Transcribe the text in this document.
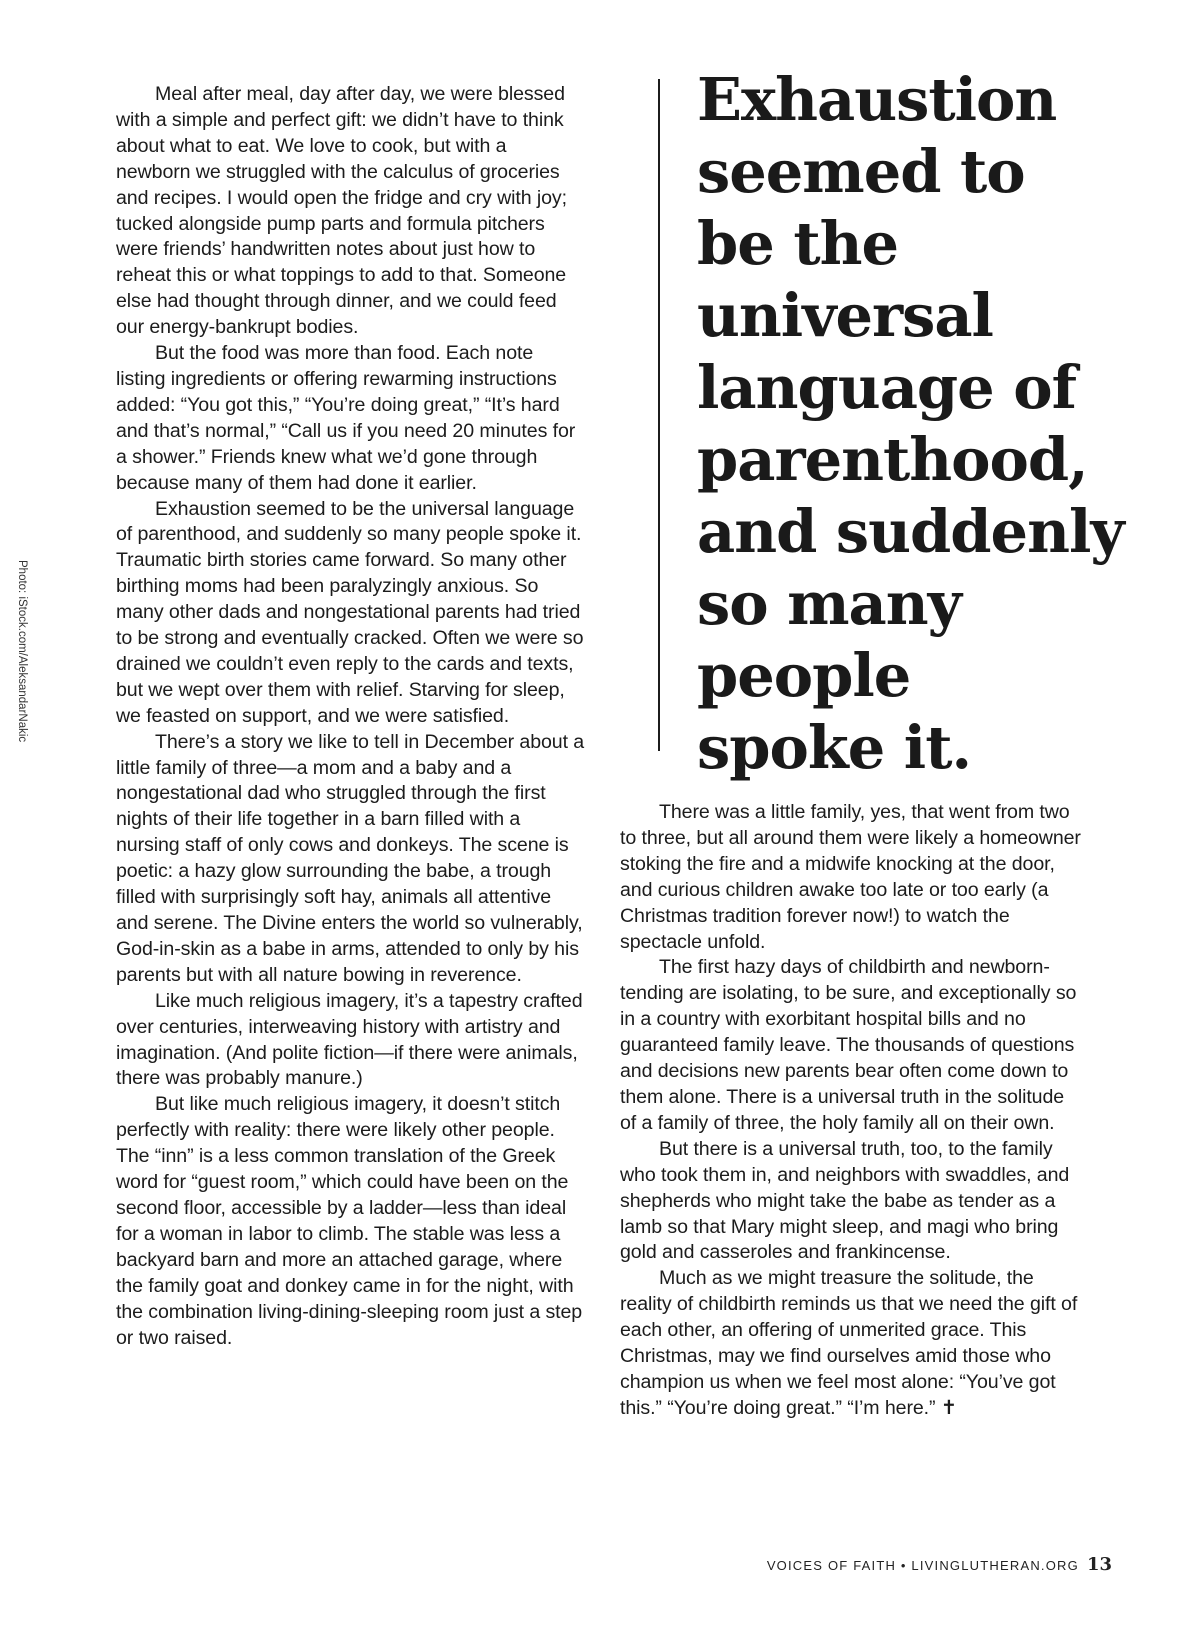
Meal after meal, day after day, we were blessed with a simple and perfect gift: we didn’t have to think about what to eat. We love to cook, but with a newborn we struggled with the calculus of groceries and recipes. I would open the fridge and cry with joy; tucked alongside pump parts and formula pitchers were friends’ handwritten notes about just how to reheat this or what toppings to add to that. Someone else had thought through dinner, and we could feed our energy-bankrupt bodies.

But the food was more than food. Each note listing ingredients or offering rewarming instructions added: “You got this,” “You’re doing great,” “It’s hard and that’s normal,” “Call us if you need 20 minutes for a shower.” Friends knew what we’d gone through because many of them had done it earlier.

Exhaustion seemed to be the universal language of parenthood, and suddenly so many people spoke it. Traumatic birth stories came forward. So many other birthing moms had been paralyzingly anxious. So many other dads and nongestational parents had tried to be strong and eventually cracked. Often we were so drained we couldn’t even reply to the cards and texts, but we wept over them with relief. Starving for sleep, we feasted on support, and we were satisfied.

There’s a story we like to tell in December about a little family of three—a mom and a baby and a nongestational dad who struggled through the first nights of their life together in a barn filled with a nursing staff of only cows and donkeys. The scene is poetic: a hazy glow surrounding the babe, a trough filled with surprisingly soft hay, animals all attentive and serene. The Divine enters the world so vulnerably, God-in-skin as a babe in arms, attended to only by his parents but with all nature bowing in reverence.

Like much religious imagery, it’s a tapestry crafted over centuries, interweaving history with artistry and imagination. (And polite fiction—if there were animals, there was probably manure.)

But like much religious imagery, it doesn’t stitch perfectly with reality: there were likely other people. The “inn” is a less common translation of the Greek word for “guest room,” which could have been on the second floor, accessible by a ladder—less than ideal for a woman in labor to climb. The stable was less a backyard barn and more an attached garage, where the family goat and donkey came in for the night, with the combination living-dining-sleeping room just a step or two raised.

Exhaustion
seemed to
be the
universal
language of
parenthood,
and suddenly
so many
people
spoke it.

There was a little family, yes, that went from two to three, but all around them were likely a homeowner stoking the fire and a midwife knocking at the door, and curious children awake too late or too early (a Christmas tradition forever now!) to watch the spectacle unfold.

The first hazy days of childbirth and newborn-tending are isolating, to be sure, and exceptionally so in a country with exorbitant hospital bills and no guaranteed family leave. The thousands of questions and decisions new parents bear often come down to them alone. There is a universal truth in the solitude of a family of three, the holy family all on their own.

But there is a universal truth, too, to the family who took them in, and neighbors with swaddles, and shepherds who might take the babe as tender as a lamb so that Mary might sleep, and magi who bring gold and casseroles and frankincense.

Much as we might treasure the solitude, the reality of childbirth reminds us that we need the gift of each other, an offering of unmerited grace. This Christmas, may we find ourselves amid those who champion us when we feel most alone: “You’ve got this.” “You’re doing great.” “I’m here.” ✝

Photo: iStock.com/AleksandarNakic
VOICES OF FAITH • LIVINGLUTHERAN.ORG 13
